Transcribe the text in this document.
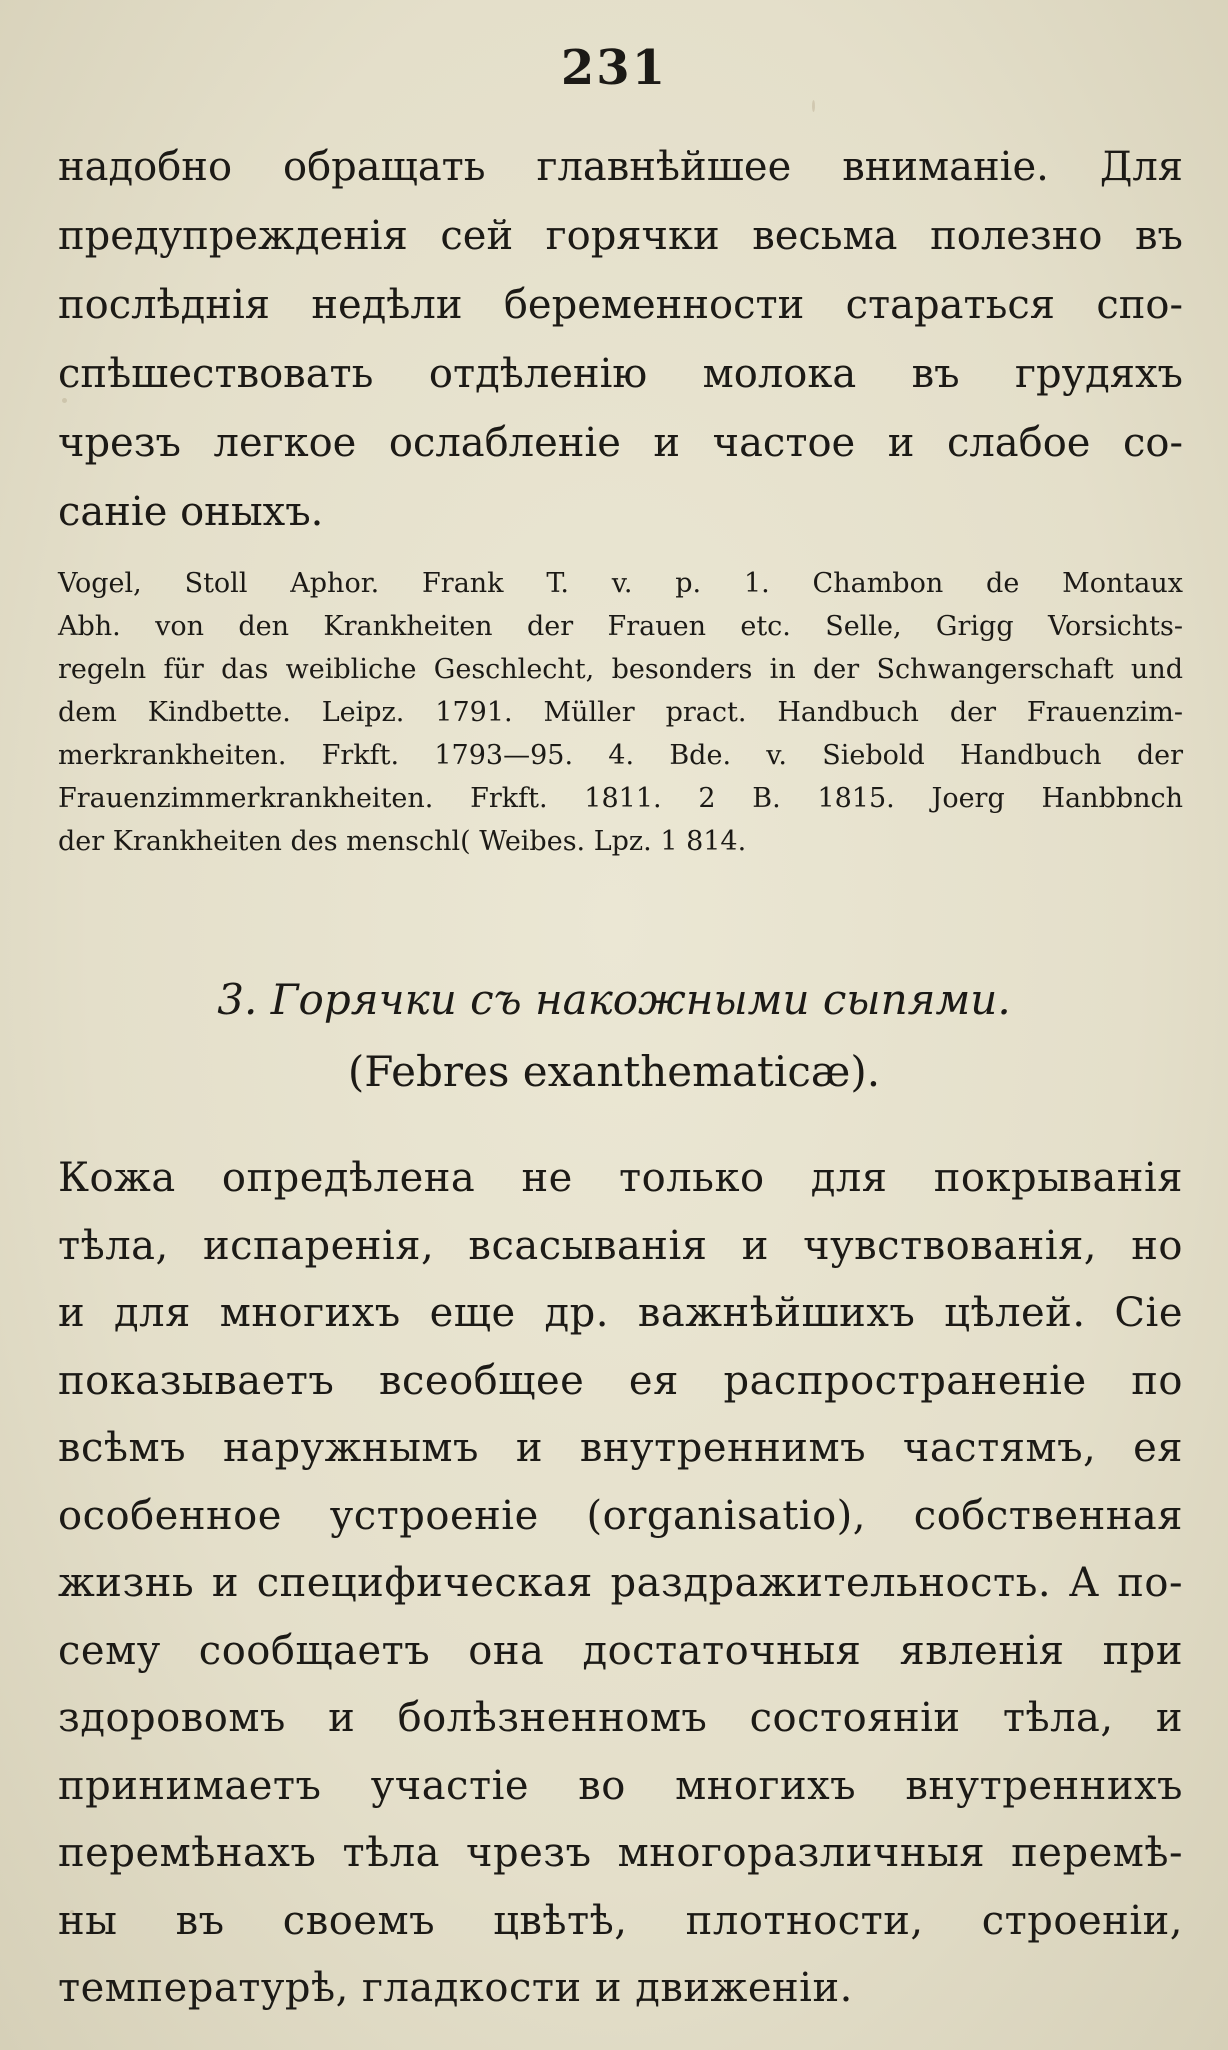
231
надобно обращать главнѣйшее вниманіе. Для
предупрежденія сей горячки весьма полезно въ
послѣднія недѣли беременности стараться спо-
спѣшествовать отдѣленію молока въ грудяхъ
чрезъ легкое ослабленіе и частое и слабое со-
саніе оныхъ.
Vogel, Stoll Aphor. Frank T. v. p. 1. Chambon de Montaux
Abh. von den Krankheiten der Frauen etc. Selle, Grigg Vorsichts-
regeln für das weibliche Geschlecht, besonders in der Schwangerschaft und
dem Kindbette. Leipz. 1791. Müller pract. Handbuch der Frauenzim-
merkrankheiten. Frkft. 1793—95. 4. Bde. v. Siebold Handbuch der
Frauenzimmerkrankheiten. Frkft. 1811. 2 B. 1815. Joerg Hanbbnch
der Krankheiten des menschl( Weibes. Lpz. 1 814.
3. Горячки съ накожными сыпями.
(Febres exanthematicæ).
Кожа опредѣлена не только для покрыванія
тѣла, испаренія, всасыванія и чувствованія, но
и для многихъ еще др. важнѣйшихъ цѣлей. Сіе
показываетъ всеобщее ея распространеніе по
всѣмъ наружнымъ и внутреннимъ частямъ, ея
особенное устроеніе (organisatio), собственная
жизнь и специфическая раздражительность. А по-
сему сообщаетъ она достаточныя явленія при
здоровомъ и болѣзненномъ состояніи тѣла, и
принимаетъ участіе во многихъ внутреннихъ
перемѣнахъ тѣла чрезъ многоразличныя перемѣ-
ны въ своемъ цвѣтѣ, плотности, строеніи,
температурѣ, гладкости и движеніи.
